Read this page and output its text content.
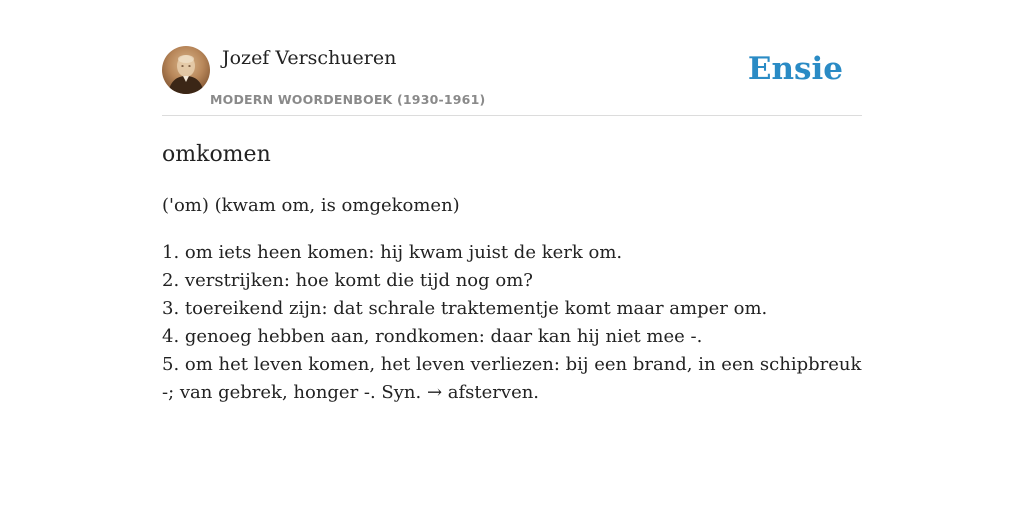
Jozef Verschueren
MODERN WOORDENBOEK (1930-1961)
Ensie
omkomen
('om) (kwam om, is omgekomen)
1. om iets heen komen: hij kwam juist de kerk om.
2. verstrijken: hoe komt die tijd nog om?
3. toereikend zijn: dat schrale traktementje komt maar amper om.
4. genoeg hebben aan, rondkomen: daar kan hij niet mee -.
5. om het leven komen, het leven verliezen: bij een brand, in een schipbreuk -; van gebrek, honger -. Syn. → afsterven.
